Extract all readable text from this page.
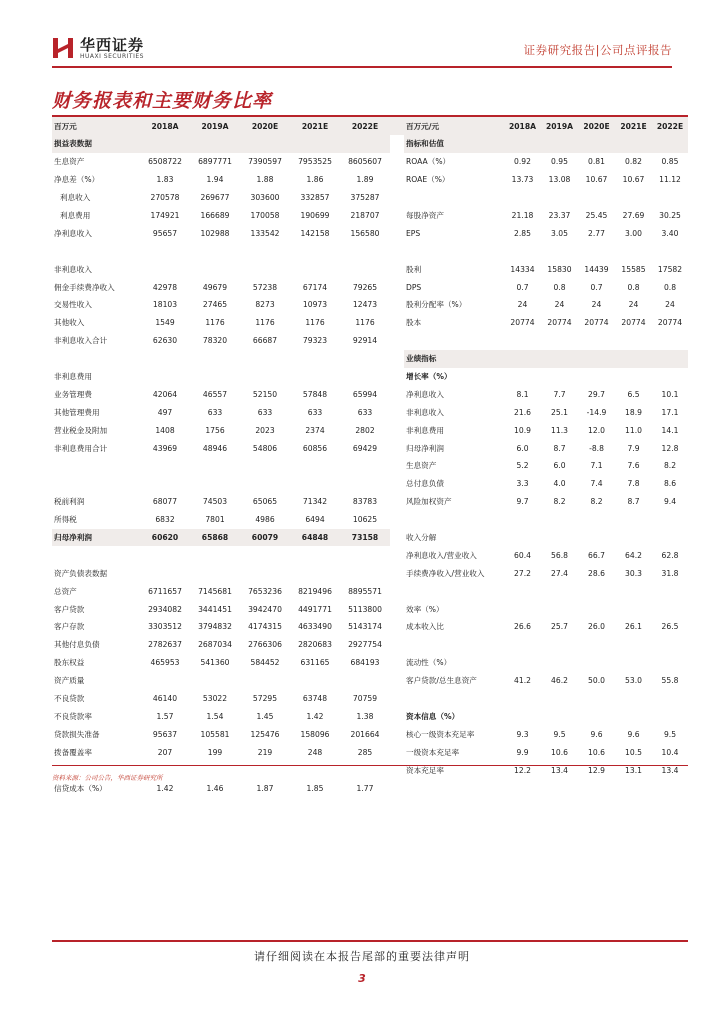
华西证券
HUAXI SECURITIES	证券研究报告|公司点评报告
财务报表和主要财务比率
百万元	2018A	2019A	2020E	2021E	2022E		百万元/元	2018A	2019A	2020E	2021E	2022E
损益表数据							指标和估值					
生息资产	6508722	6897771	7390597	7953525	8605607		ROAA（%）	0.92	0.95	0.81	0.82	0.85
净息差（%）	1.83	1.94	1.88	1.86	1.89		ROAE（%）	13.73	13.08	10.67	10.67	11.12
利息收入	270578	269677	303600	332857	375287							
利息费用	174921	166689	170058	190699	218707		每股净资产	21.18	23.37	25.45	27.69	30.25
净利息收入	95657	102988	133542	142158	156580		EPS	2.85	3.05	2.77	3.00	3.40

非利息收入							股利	14334	15830	14439	15585	17582
佣金手续费净收入	42978	49679	57238	67174	79265		DPS	0.7	0.8	0.7	0.8	0.8
交易性收入	18103	27465	8273	10973	12473		股利分配率（%）	24	24	24	24	24
其他收入	1549	1176	1176	1176	1176		股本	20774	20774	20774	20774	20774
非利息收入合计	62630	78320	66687	79323	92914							
							业绩指标					
非利息费用							增长率（%）					
业务管理费	42064	46557	52150	57848	65994		净利息收入	8.1	7.7	29.7	6.5	10.1
其他管理费用	497	633	633	633	633		非利息收入	21.6	25.1	-14.9	18.9	17.1
营业税金及附加	1408	1756	2023	2374	2802		非利息费用	10.9	11.3	12.0	11.0	14.1
非利息费用合计	43969	48946	54806	60856	69429		归母净利润	6.0	8.7	-8.8	7.9	12.8
							生息资产	5.2	6.0	7.1	7.6	8.2
							总付息负债	3.3	4.0	7.4	7.8	8.6
税前利润	68077	74503	65065	71342	83783		风险加权资产	9.7	8.2	8.2	8.7	9.4
所得税	6832	7801	4986	6494	10625							
归母净利润	60620	65868	60079	64848	73158		收入分解					
							净利息收入/营业收入	60.4	56.8	66.7	64.2	62.8
资产负债表数据							手续费净收入/营业收入	27.2	27.4	28.6	30.3	31.8
总资产	6711657	7145681	7653236	8219496	8895571							
客户贷款	2934082	3441451	3942470	4491771	5113800		效率（%）					
客户存款	3303512	3794832	4174315	4633490	5143174		成本收入比	26.6	25.7	26.0	26.1	26.5
其他付息负债	2782637	2687034	2766306	2820683	2927754							
股东权益	465953	541360	584452	631165	684193		流动性（%）					
资产质量							客户贷款/总生息资产	41.2	46.2	50.0	53.0	55.8
不良贷款	46140	53022	57295	63748	70759							
不良贷款率	1.57	1.54	1.45	1.42	1.38		资本信息（%）					
贷款损失准备	95637	105581	125476	158096	201664		核心一级资本充足率	9.3	9.5	9.6	9.6	9.5
拨备覆盖率	207	199	219	248	285		一级资本充足率	9.9	10.6	10.6	10.5	10.4
							资本充足率	12.2	13.4	12.9	13.1	13.4
信贷成本（%）	1.42	1.46	1.87	1.85	1.77							
资料来源：公司公告，华西证券研究所
请仔细阅读在本报告尾部的重要法律声明
3
